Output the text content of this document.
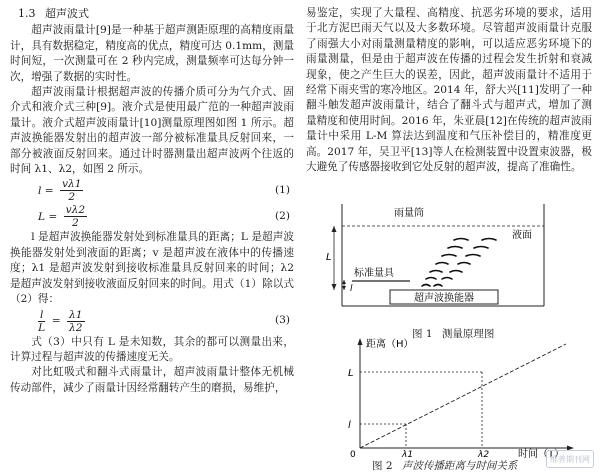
1.3 超声波式

超声波雨量计[9]是一种基于超声测距原理的高精度雨量计，具有数据稳定，精度高的优点，精度可达 0.1mm，测量时间短，一次测量可在 2 秒内完成，测量频率可达每分钟一次，增强了数据的实时性。

超声波雨量计根据超声波的传播介质可分为气介式、固介式和液介式三种[9]。液介式是使用最广范的一种超声波雨量计。液介式超声波雨量计[10]测量原理图如图 1 所示。超声波换能器发射出的超声波一部分被标准量具反射回来，一部分被液面反射回来。通过计时器测量出超声波两个往返的时间 λ1、λ2，如图 2 所示。

$l = \frac{v\lambda 1}{2}$	(1)
$L = \frac{v\lambda 2}{2}$	(2)

l 是超声波换能器发射处到标准量具的距离；L 是超声波换能器发射处到液面的距离；v 是超声波在液体中的传播速度；λ1 是超声波发射到接收标准量具反射回来的时间；λ2 是超声波发射到接收液面反射回来的时间。用式（1）除以式（2）得：

$\frac{l}{L} = \frac{\lambda 1}{\lambda 2}$	(3)

式（3）中只有 L 是未知数，其余的都可以测量出来，计算过程与超声波的传播速度无关。

对比虹吸式和翻斗式雨量计，超声波雨量计整体无机械传动部件，减少了雨量计因经常翻转产生的磨损，易维护，

易鉴定，实现了大量程、高精度、抗恶劣环境的要求，适用于北方泥巴雨天气以及大多数环境。尽管超声波雨量计克服了雨强大小对雨量测量精度的影响，可以适应恶劣环境下的雨量测量，但是由于超声波在传播的过程会发生折射和衰减现象，使之产生巨大的误差，因此，超声波雨量计不适用于经常下雨夹雪的寒冷地区。2014 年，舒大兴[11]发明了一种翻斗触发超声波雨量计，结合了翻斗式与超声式，增加了测量精度和使用时间。2016 年，朱亚晨[12]在传统的超声波雨量计中采用 L-M 算法达到温度和气压补偿目的，精准度更高。2017 年，吴卫平[13]等人在检测装置中设置束波器，极大避免了传感器接收到它处反射的超声波，提高了准确性。

雨量筒
液面
L
l
标准量具
超声波换能器
图 1 测量原理图
距离（H）
时间（T）
0
L
l
λ1	λ2
图 2 声波传播距离与时间关系
维普期刊网
